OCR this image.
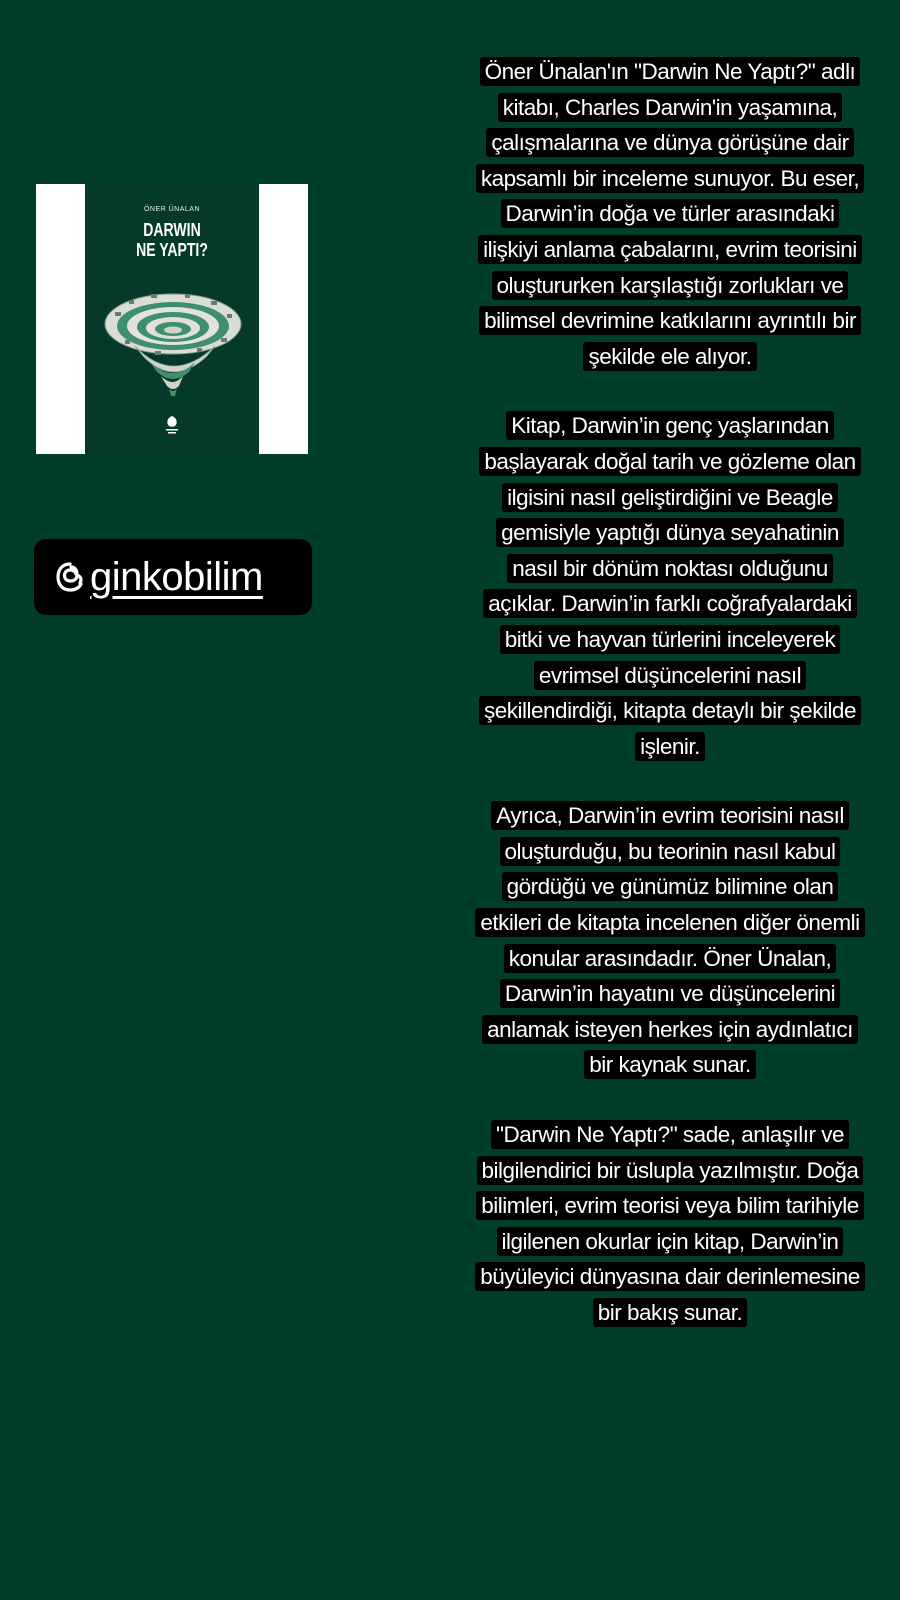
ÖNER ÜNALAN
DARWIN
NE YAPTI?
ginkobilim

Öner Ünalan'ın "Darwin Ne Yaptı?" adlı kitabı, Charles Darwin'in yaşamına, çalışmalarına ve dünya görüşüne dair kapsamlı bir inceleme sunuyor. Bu eser, Darwin’in doğa ve türler arasındaki ilişkiyi anlama çabalarını, evrim teorisini oluştururken karşılaştığı zorlukları ve bilimsel devrimine katkılarını ayrıntılı bir şekilde ele alıyor.

Kitap, Darwin’in genç yaşlarından başlayarak doğal tarih ve gözleme olan ilgisini nasıl geliştirdiğini ve Beagle gemisiyle yaptığı dünya seyahatinin nasıl bir dönüm noktası olduğunu açıklar. Darwin’in farklı coğrafyalardaki bitki ve hayvan türlerini inceleyerek evrimsel düşüncelerini nasıl şekillendirdiği, kitapta detaylı bir şekilde işlenir.

Ayrıca, Darwin’in evrim teorisini nasıl oluşturduğu, bu teorinin nasıl kabul gördüğü ve günümüz bilimine olan etkileri de kitapta incelenen diğer önemli konular arasındadır. Öner Ünalan, Darwin’in hayatını ve düşüncelerini anlamak isteyen herkes için aydınlatıcı bir kaynak sunar.

"Darwin Ne Yaptı?" sade, anlaşılır ve bilgilendirici bir üslupla yazılmıştır. Doğa bilimleri, evrim teorisi veya bilim tarihiyle ilgilenen okurlar için kitap, Darwin’in büyüleyici dünyasına dair derinlemesine bir bakış sunar.
